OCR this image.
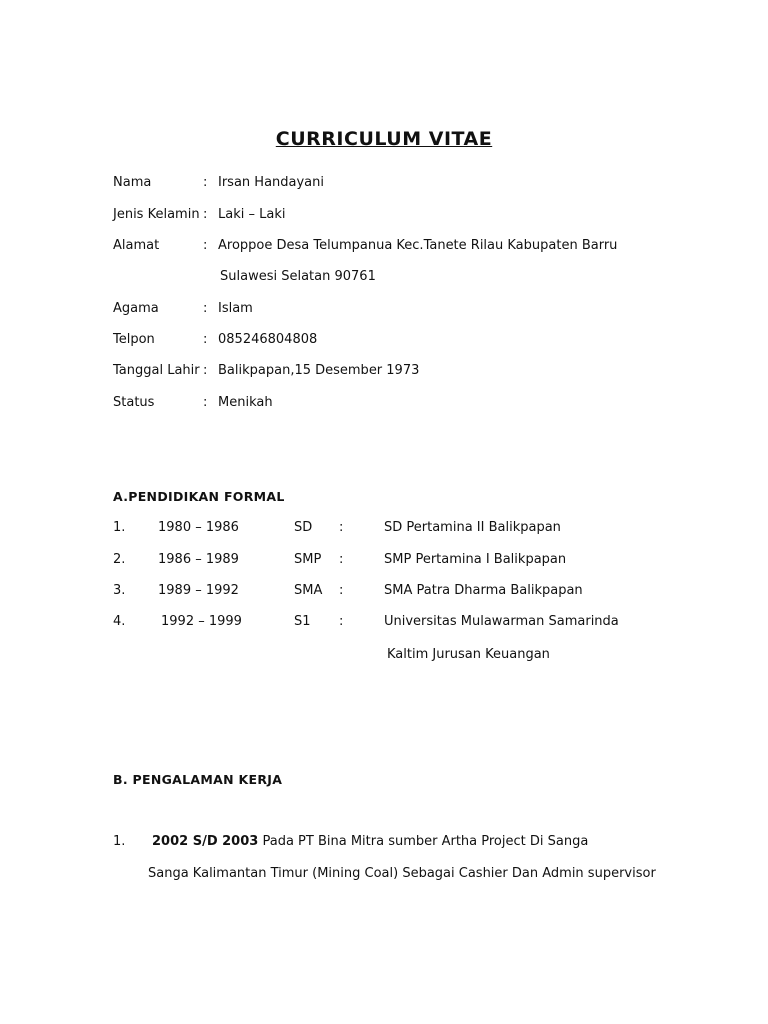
CURRICULUM VITAE
Nama	: Irsan Handayani
Jenis Kelamin : Laki – Laki
Alamat	: Aroppoe Desa Telumpanua Kec.Tanete Rilau Kabupaten Barru
Sulawesi Selatan 90761
Agama	: Islam
Telpon	: 085246804808
Tanggal Lahir : Balikpapan,15 Desember 1973
Status	: Menikah
A.PENDIDIKAN FORMAL
1.	1980 – 1986	SD :	SD Pertamina II Balikpapan
2.	1986 – 1989	SMP :	SMP Pertamina I Balikpapan
3.	1989 – 1992	SMA :	SMA Patra Dharma Balikpapan
4.	1992 – 1999	S1 :	Universitas Mulawarman Samarinda
Kaltim Jurusan Keuangan
B. PENGALAMAN KERJA
1. 2002 S/D 2003 Pada PT Bina Mitra sumber Artha Project Di Sanga
Sanga Kalimantan Timur (Mining Coal) Sebagai Cashier Dan Admin supervisor
